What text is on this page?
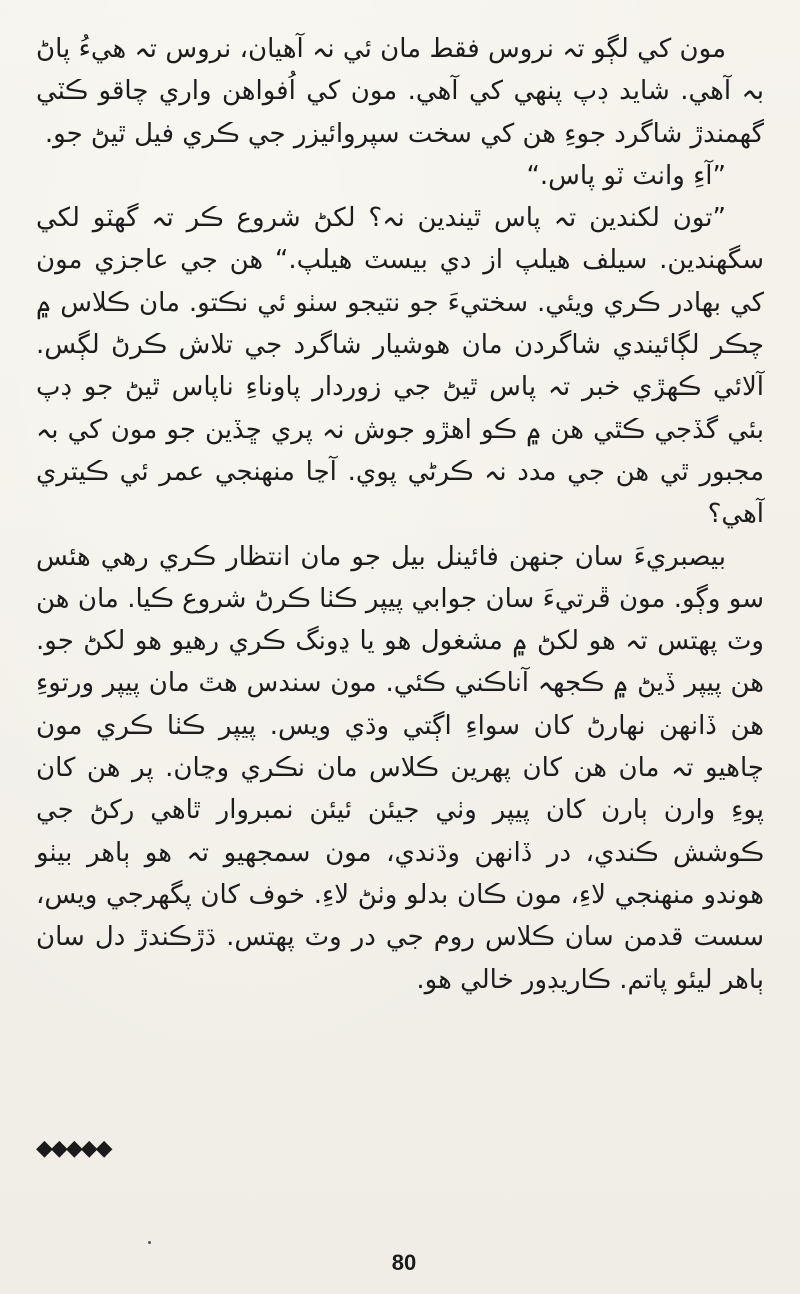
مون کي لڳو تہ نروس فقط مان ئي نہ آهيان، نروس تہ هيءُ پاڻ بہ آهي. شايد ڊپ پنهي کي آهي. مون کي اُفواهن واري چاقو ڪٽي گهمندڙ شاگرد جوءِ هن کي سخت سپروائيزر جي ڪري فيل ٿيڻ جو.

”آءِ وانٽ ٽو پاس.“

”تون لکندين تہ پاس ٿيندين نہ؟ لکڻ شروع ڪر تہ گهٽو لکي سگهندين. سيلف هيلپ از دي بيسٽ هيلپ.“ هن جي عاجزي مون کي بهادر ڪري ويئي. سختيءَ جو نتيجو سٺو ئي نڪتو. مان ڪلاس ۾ چڪر لڳائيندي شاگردن مان هوشيار شاگرد جي تلاش ڪرڻ لڳس. آلائي ڪهڙي خبر تہ پاس ٿيڻ جي زوردار پاوناءِ ناپاس ٿيڻ جو ڊپ بئي گڏجي ڪٿي هن ۾ ڪو اهڙو جوش نہ پري ڇڏين جو مون کي بہ مجبور ٿي هن جي مدد نہ ڪرڻي پوي. آڃا منهنجي عمر ئي ڪيتري آهي؟

بيصبريءَ سان جنهن فائينل بيل جو مان انتظار ڪري رهي هئس سو وڳو. مون ڦرتيءَ سان جوابي پيپر ڪٺا ڪرڻ شروع ڪيا. مان هن وٽ پهتس تہ هو لکڻ ۾ مشغول هو يا ڍونگ ڪري رهيو هو لکڻ جو. هن پيپر ڏيڻ ۾ ڪجهہ آناڪني ڪئي. مون سندس هٿ مان پيپر ورتوءِ هن ڏانهن نهارڻ کان سواءِ اڳتي وڌي ويس. پيپر ڪٺا ڪري مون چاهيو تہ مان هن کان پهرين ڪلاس مان نڪري وڃان. پر هن کان پوءِ وارن ٻارن کان پيپر وٺي جيئن ئيئن نمبروار ٿاهي رکڻ جي ڪوشش ڪندي، در ڏانهن وڌندي، مون سمجهيو تہ هو ٻاهر بيٺو هوندو منهنجي لاءِ، مون ڪان بدلو وٺڻ لاءِ. خوف کان پگهرجي ويس، سست قدمن سان ڪلاس روم جي در وٽ پهتس. ڌڙڪندڙ دل سان ٻاهر ليئو پاتم. ڪاريڊور خالي هو.

◆◆◆◆◆
80
